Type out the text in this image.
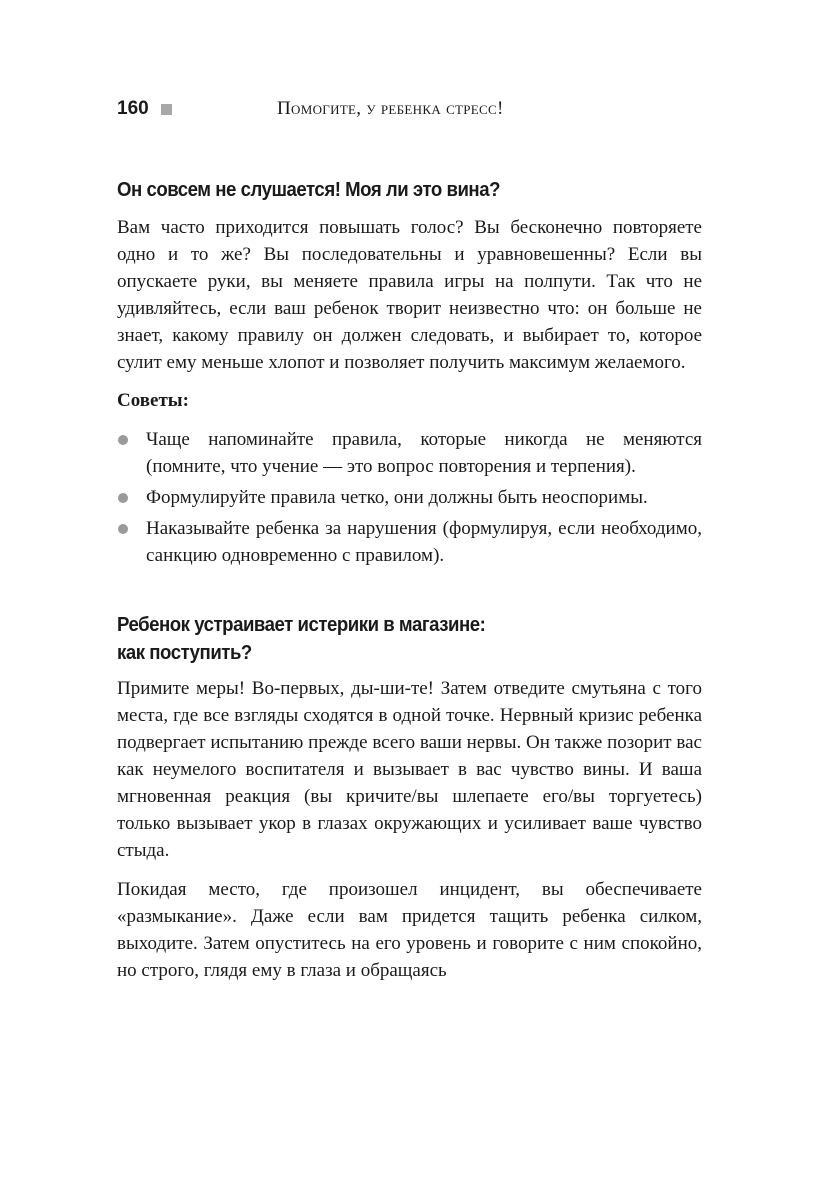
160	Помогите, у ребенка стресс!
Он совсем не слушается! Моя ли это вина?

Вам часто приходится повышать голос? Вы бесконечно повторяете одно и то же? Вы последовательны и уравновешенны? Если вы опускаете руки, вы меняете правила игры на полпути. Так что не удивляйтесь, если ваш ребенок творит неизвестно что: он больше не знает, какому правилу он должен следовать, и выбирает то, которое сулит ему меньше хлопот и позволяет получить максимум желаемого.

Советы:
Чаще напоминайте правила, которые никогда не меняются (помните, что учение — это вопрос повторения и терпения).
Формулируйте правила четко, они должны быть неоспоримы.
Наказывайте ребенка за нарушения (формулируя, если необходимо, санкцию одновременно с правилом).
Ребенок устраивает истерики в магазине:
как поступить?

Примите меры! Во-первых, ды-ши-те! Затем отведите смутьяна с того места, где все взгляды сходятся в одной точке. Нервный кризис ребенка подвергает испытанию прежде всего ваши нервы. Он также позорит вас как неумелого воспитателя и вызывает в вас чувство вины. И ваша мгновенная реакция (вы кричите/вы шлепаете его/вы торгуетесь) только вызывает укор в глазах окружающих и усиливает ваше чувство стыда.

Покидая место, где произошел инцидент, вы обеспечиваете «размыкание». Даже если вам придется тащить ребенка силком, выходите. Затем опуститесь на его уровень и говорите с ним спокойно, но строго, глядя ему в глаза и обращаясь
